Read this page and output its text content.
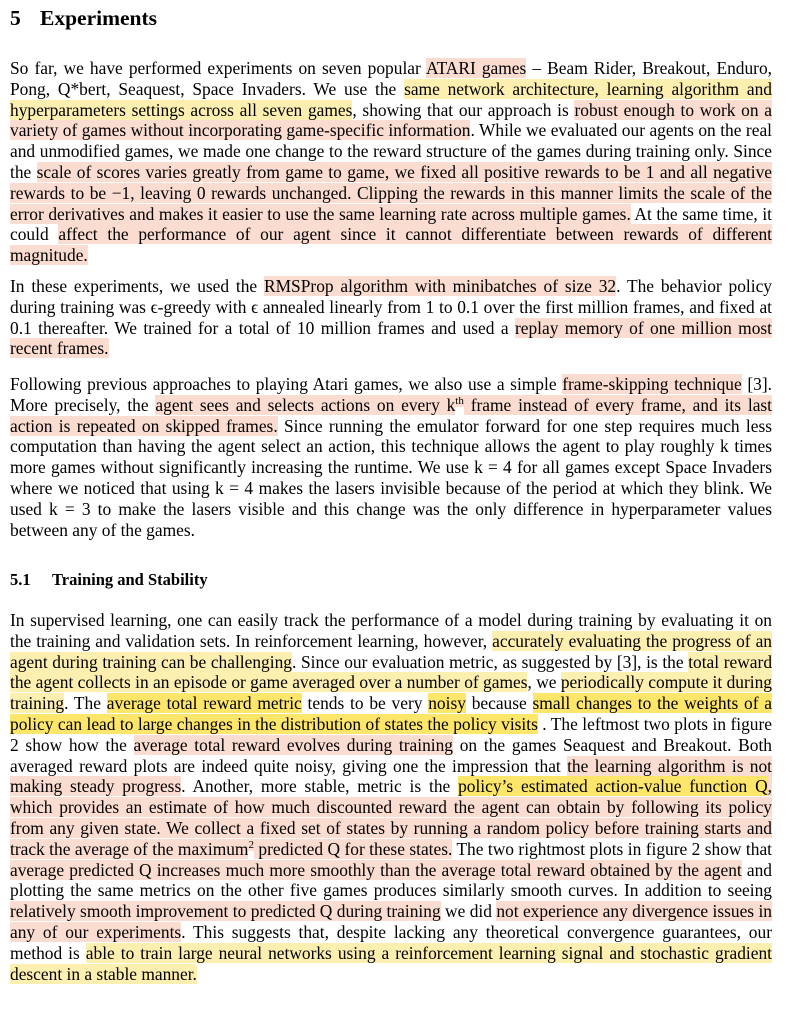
5 Experiments

So far, we have performed experiments on seven popular ATARI games – Beam Rider, Breakout, Enduro, Pong, Q*bert, Seaquest, Space Invaders. We use the same network architecture, learning algorithm and hyperparameters settings across all seven games, showing that our approach is robust enough to work on a variety of games without incorporating game-specific information. While we evaluated our agents on the real and unmodified games, we made one change to the reward structure of the games during training only. Since the scale of scores varies greatly from game to game, we fixed all positive rewards to be 1 and all negative rewards to be −1, leaving 0 rewards unchanged. Clipping the rewards in this manner limits the scale of the error derivatives and makes it easier to use the same learning rate across multiple games. At the same time, it could affect the performance of our agent since it cannot differentiate between rewards of different magnitude.

In these experiments, we used the RMSProp algorithm with minibatches of size 32. The behavior policy during training was ϵ-greedy with ϵ annealed linearly from 1 to 0.1 over the first million frames, and fixed at 0.1 thereafter. We trained for a total of 10 million frames and used a replay memory of one million most recent frames.

Following previous approaches to playing Atari games, we also use a simple frame-skipping technique [3]. More precisely, the agent sees and selects actions on every $k^{th}$ frame instead of every frame, and its last action is repeated on skipped frames. Since running the emulator forward for one step requires much less computation than having the agent select an action, this technique allows the agent to play roughly k times more games without significantly increasing the runtime. We use k = 4 for all games except Space Invaders where we noticed that using k = 4 makes the lasers invisible because of the period at which they blink. We used k = 3 to make the lasers visible and this change was the only difference in hyperparameter values between any of the games.

5.1 Training and Stability

In supervised learning, one can easily track the performance of a model during training by evaluating it on the training and validation sets. In reinforcement learning, however, accurately evaluating the progress of an agent during training can be challenging. Since our evaluation metric, as suggested by [3], is the total reward the agent collects in an episode or game averaged over a number of games, we periodically compute it during training. The average total reward metric tends to be very noisy because small changes to the weights of a policy can lead to large changes in the distribution of states the policy visits . The leftmost two plots in figure 2 show how the average total reward evolves during training on the games Seaquest and Breakout. Both averaged reward plots are indeed quite noisy, giving one the impression that the learning algorithm is not making steady progress. Another, more stable, metric is the policy’s estimated action-value function Q, which provides an estimate of how much discounted reward the agent can obtain by following its policy from any given state. We collect a fixed set of states by running a random policy before training starts and track the average of the maximum$^2$ predicted Q for these states. The two rightmost plots in figure 2 show that average predicted Q increases much more smoothly than the average total reward obtained by the agent and plotting the same metrics on the other five games produces similarly smooth curves. In addition to seeing relatively smooth improvement to predicted Q during training we did not experience any divergence issues in any of our experiments. This suggests that, despite lacking any theoretical convergence guarantees, our method is able to train large neural networks using a reinforcement learning signal and stochastic gradient descent in a stable manner.
